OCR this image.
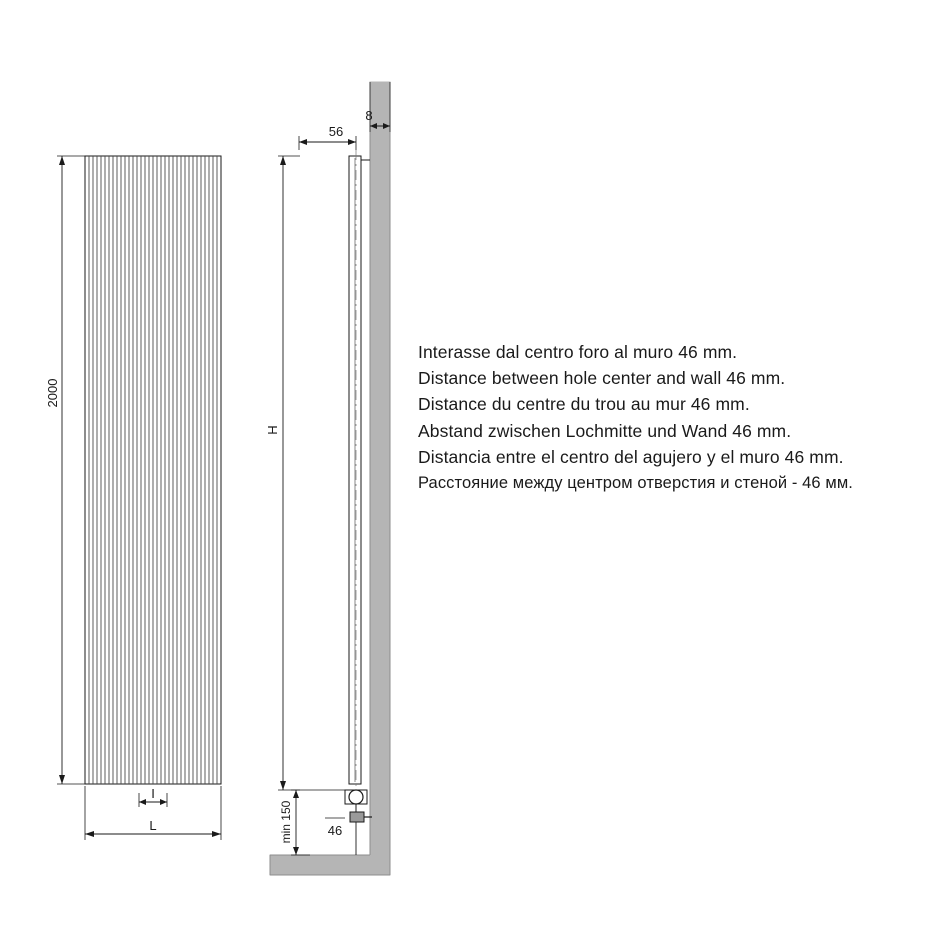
2000
I
L
56
8
H
min 150	46
Interasse dal centro foro al muro 46 mm.
Distance between hole center and wall 46 mm.
Distance du centre du trou au mur 46 mm.
Abstand zwischen Lochmitte und Wand 46 mm.
Distancia entre el centro del agujero y el muro 46 mm.
Расстояние между центром отверстия и стеной - 46 мм.
